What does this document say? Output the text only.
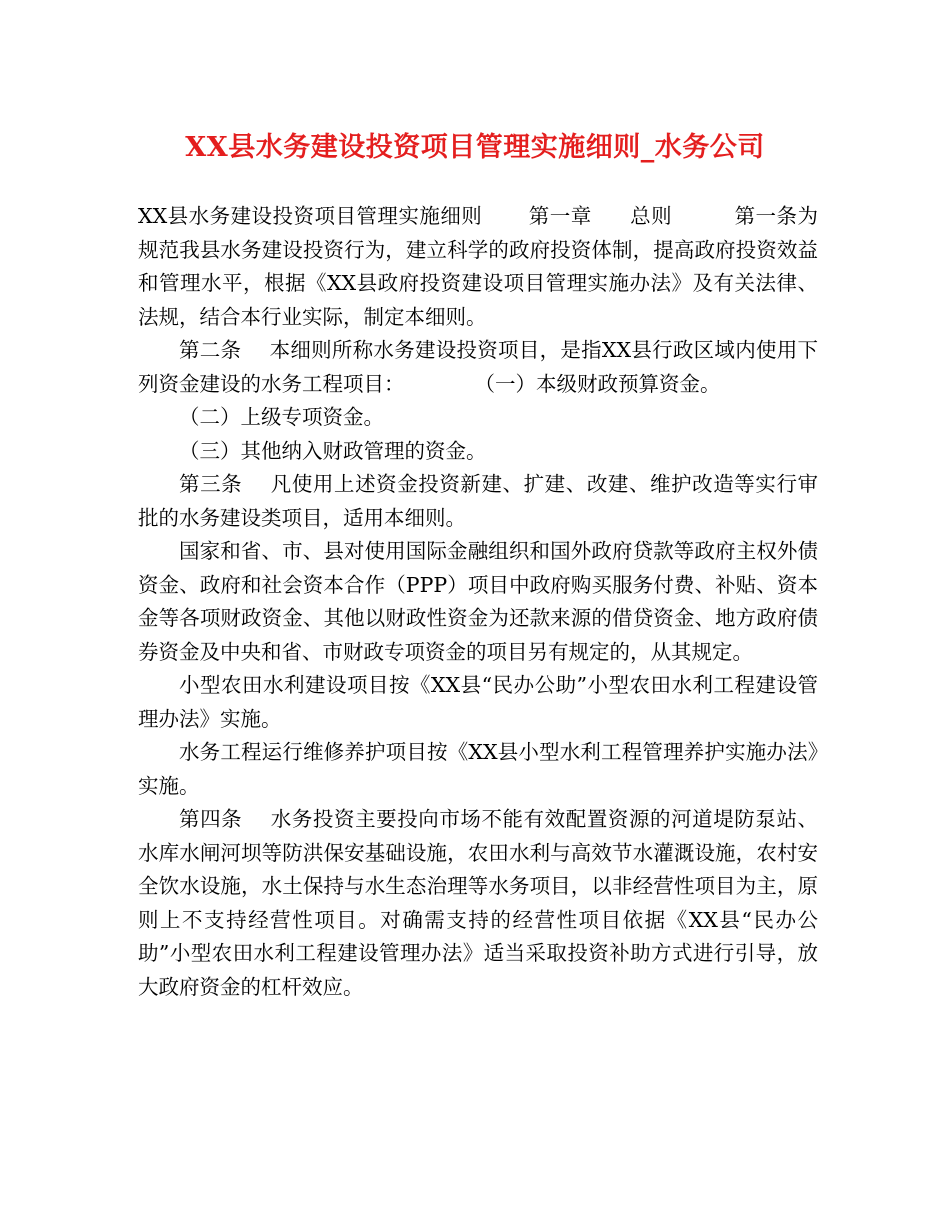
XX县水务建设投资项目管理实施细则_水务公司

XX县水务建设投资项目管理实施细则 第一章 总则	第一条为规范我县水务建设投资行为，建立科学的政府投资体制，提高政府投资效益和管理水平，根据《XX县政府投资建设项目管理实施办法》及有关法律、法规，结合本行业实际，制定本细则。

第二条 本细则所称水务建设投资项目，是指XX县行政区域内使用下列资金建设的水务工程项目：	（一）本级财政预算资金。

（二）上级专项资金。

（三）其他纳入财政管理的资金。

第三条 凡使用上述资金投资新建、扩建、改建、维护改造等实行审批的水务建设类项目，适用本细则。

国家和省、市、县对使用国际金融组织和国外政府贷款等政府主权外债资金、政府和社会资本合作（PPP）项目中政府购买服务付费、补贴、资本金等各项财政资金、其他以财政性资金为还款来源的借贷资金、地方政府债券资金及中央和省、市财政专项资金的项目另有规定的，从其规定。

小型农田水利建设项目按《XX县“民办公助”小型农田水利工程建设管理办法》实施。

水务工程运行维修养护项目按《XX县小型水利工程管理养护实施办法》实施。

第四条 水务投资主要投向市场不能有效配置资源的河道堤防泵站、水库水闸河坝等防洪保安基础设施，农田水利与高效节水灌溉设施，农村安全饮水设施，水土保持与水生态治理等水务项目，以非经营性项目为主，原则上不支持经营性项目。对确需支持的经营性项目依据《XX县“民办公助”小型农田水利工程建设管理办法》适当采取投资补助方式进行引导，放大政府资金的杠杆效应。
